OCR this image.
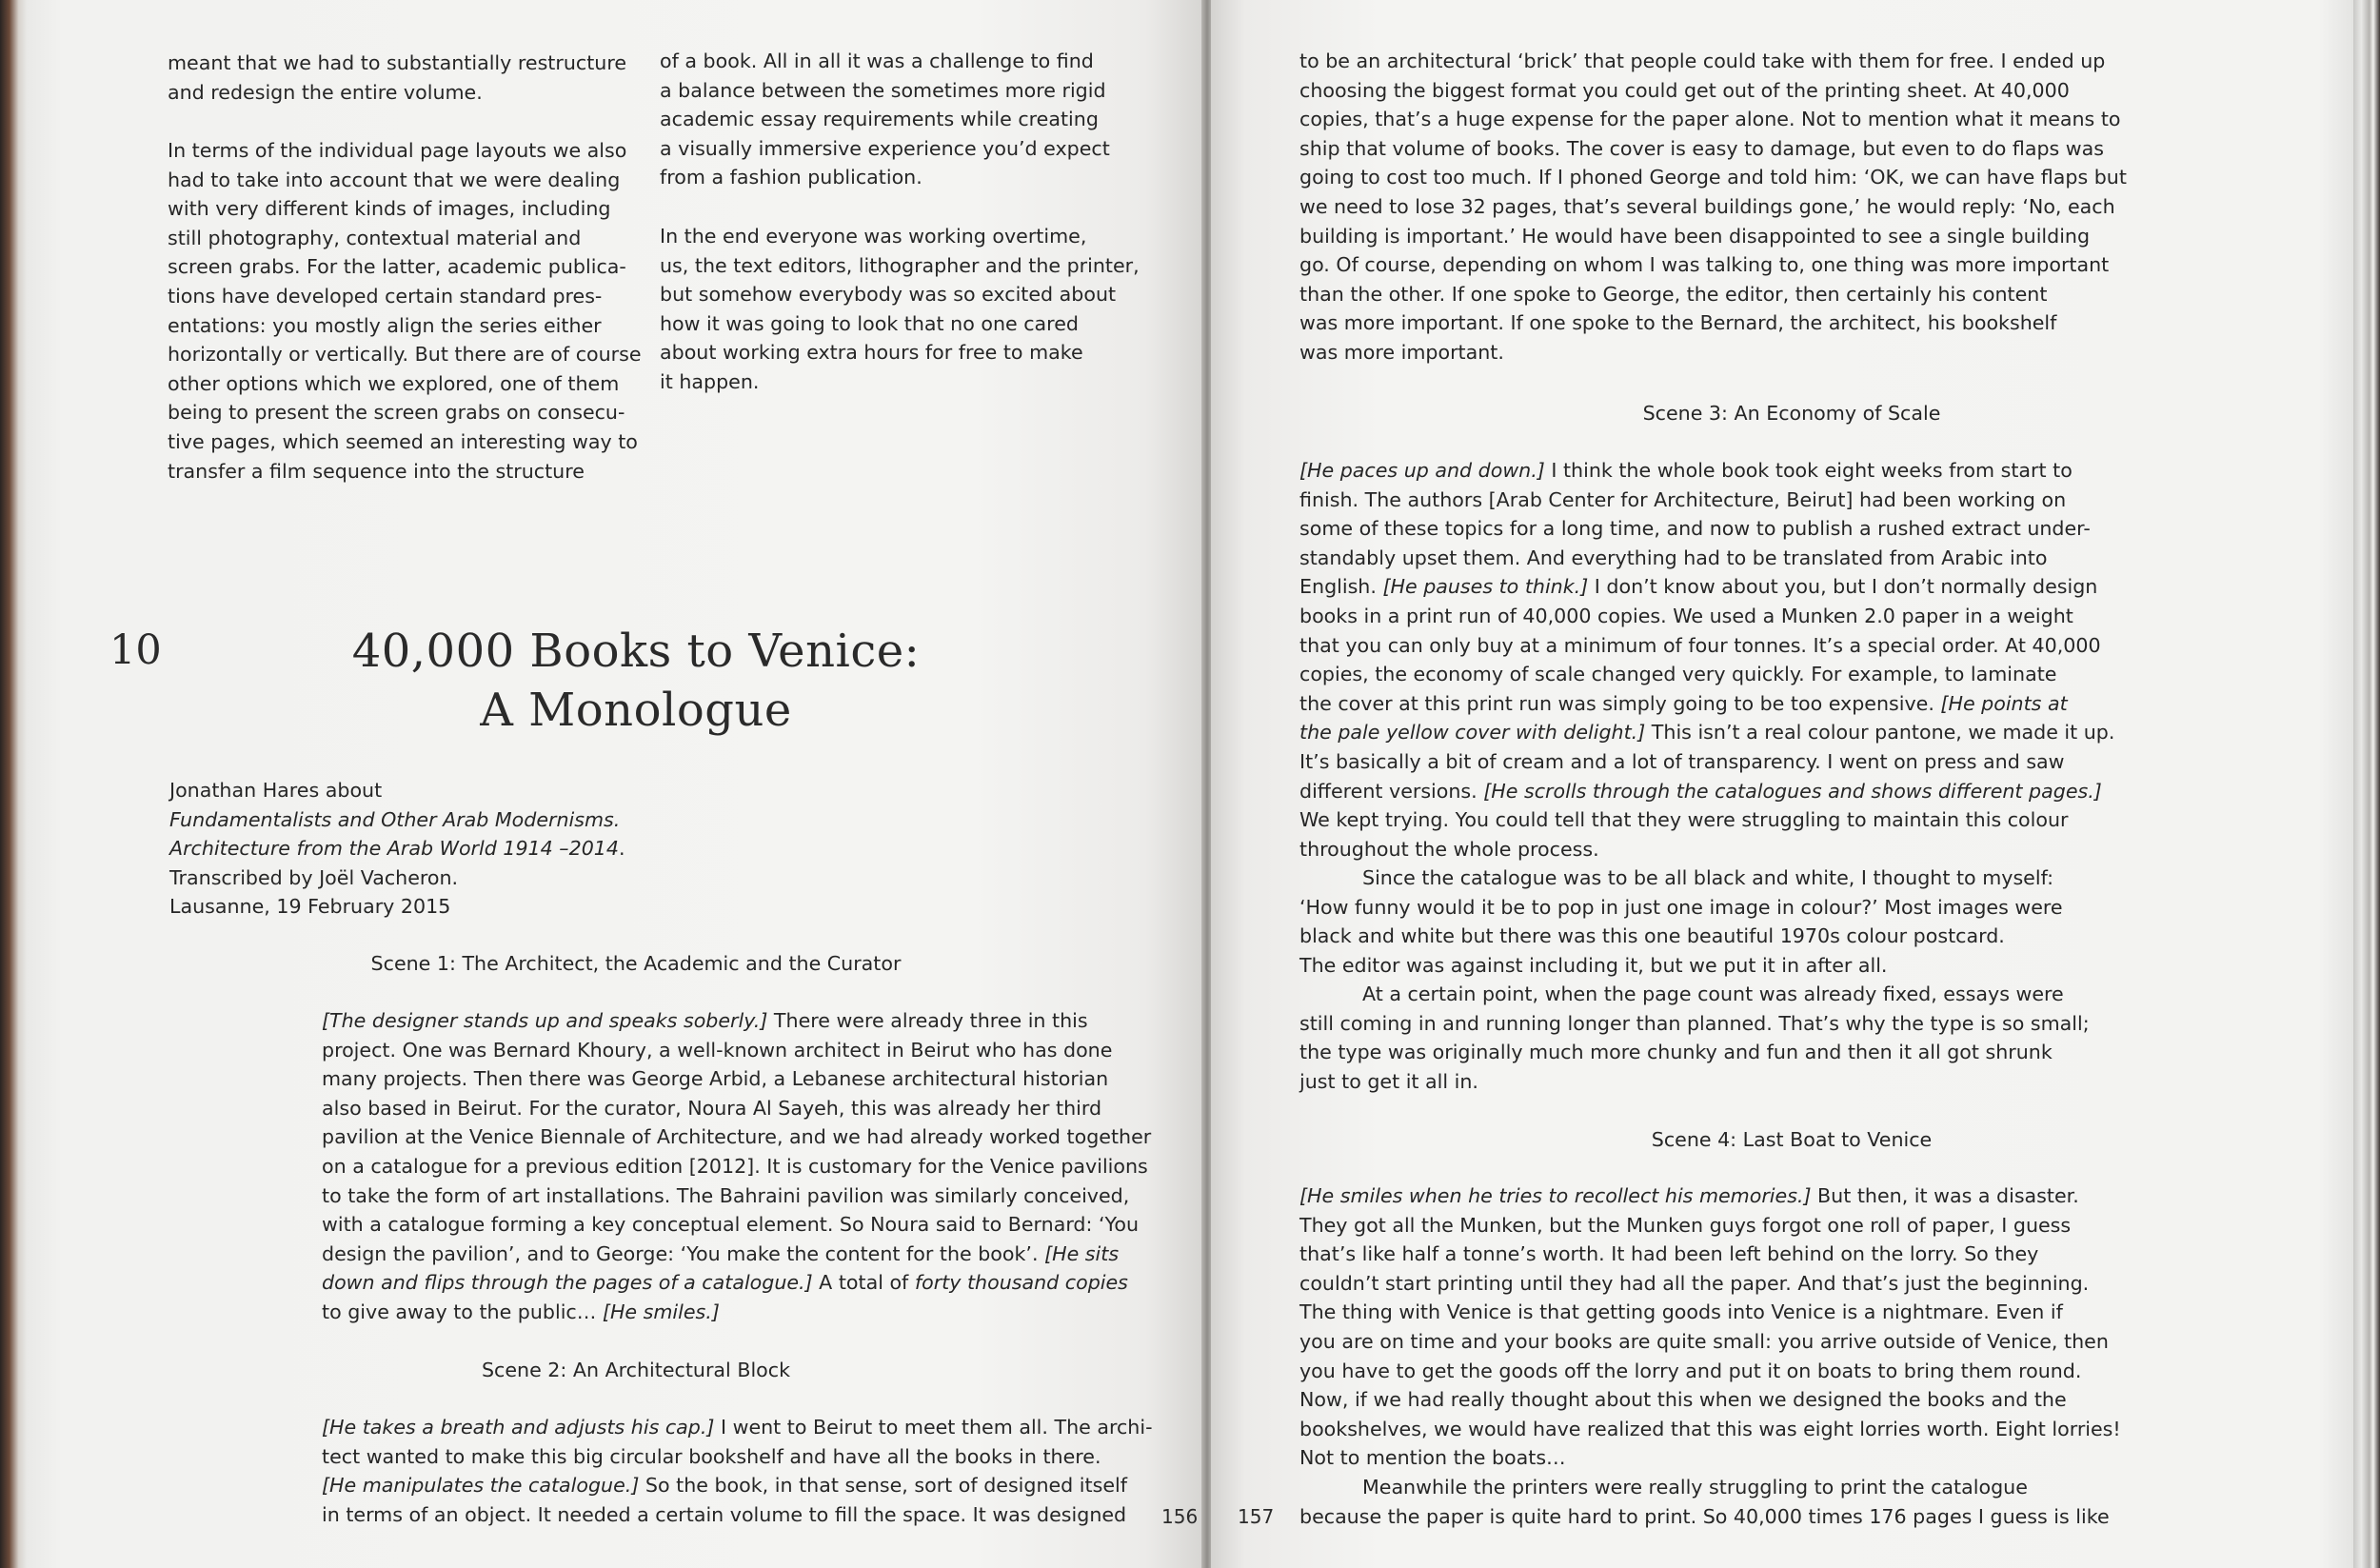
meant that we had to substantially restructure

and redesign the entire volume.

In terms of the individual page layouts we also

had to take into account that we were dealing

with very different kinds of images, including

still photography, contextual material and

screen grabs. For the latter, academic publica-

tions have developed certain standard pres-

entations: you mostly align the series either

horizontally or vertically. But there are of course

other options which we explored, one of them

being to present the screen grabs on consecu-

tive pages, which seemed an interesting way to

transfer a film sequence into the structure

of a book. All in all it was a challenge to find

a balance between the sometimes more rigid

academic essay requirements while creating

a visually immersive experience you’d expect

from a fashion publication.

In the end everyone was working overtime,

us, the text editors, lithographer and the printer,

but somehow everybody was so excited about

how it was going to look that no one cared

about working extra hours for free to make

it happen.

10	40,000 Books to Venice:
A Monologue

Jonathan Hares about

Fundamentalists and Other Arab Modernisms.

Architecture from the Arab World 1914 –2014.

Transcribed by Joël Vacheron.

Lausanne, 19 February 2015

Scene 1: The Architect, the Academic and the Curator

[The designer stands up and speaks soberly.] There were already three in this

project. One was Bernard Khoury, a well-known architect in Beirut who has done

many projects. Then there was George Arbid, a Lebanese architectural historian

also based in Beirut. For the curator, Noura Al Sayeh, this was already her third

pavilion at the Venice Biennale of Architecture, and we had already worked together

on a catalogue for a previous edition [2012]. It is customary for the Venice pavilions

to take the form of art installations. The Bahraini pavilion was similarly conceived,

with a catalogue forming a key conceptual element. So Noura said to Bernard: ‘You

design the pavilion’, and to George: ‘You make the content for the book’. [He sits

down and flips through the pages of a catalogue.] A total of forty thousand copies

to give away to the public… [He smiles.]

Scene 2: An Architectural Block

[He takes a breath and adjusts his cap.] I went to Beirut to meet them all. The archi-

tect wanted to make this big circular bookshelf and have all the books in there.

[He manipulates the catalogue.] So the book, in that sense, sort of designed itself

in terms of an object. It needed a certain volume to fill the space. It was designed	156 157

to be an architectural ‘brick’ that people could take with them for free. I ended up

choosing the biggest format you could get out of the printing sheet. At 40,000

copies, that’s a huge expense for the paper alone. Not to mention what it means to

ship that volume of books. The cover is easy to damage, but even to do flaps was

going to cost too much. If I phoned George and told him: ‘OK, we can have flaps but

we need to lose 32 pages, that’s several buildings gone,’ he would reply: ‘No, each

building is important.’ He would have been disappointed to see a single building

go. Of course, depending on whom I was talking to, one thing was more important

than the other. If one spoke to George, the editor, then certainly his content

was more important. If one spoke to the Bernard, the architect, his bookshelf

was more important.

Scene 3: An Economy of Scale

[He paces up and down.] I think the whole book took eight weeks from start to

finish. The authors [Arab Center for Architecture, Beirut] had been working on

some of these topics for a long time, and now to publish a rushed extract under-

standably upset them. And everything had to be translated from Arabic into

English. [He pauses to think.] I don’t know about you, but I don’t normally design

books in a print run of 40,000 copies. We used a Munken 2.0 paper in a weight

that you can only buy at a minimum of four tonnes. It’s a special order. At 40,000

copies, the economy of scale changed very quickly. For example, to laminate

the cover at this print run was simply going to be too expensive. [He points at

the pale yellow cover with delight.] This isn’t a real colour pantone, we made it up.

It’s basically a bit of cream and a lot of transparency. I went on press and saw

different versions. [He scrolls through the catalogues and shows different pages.]

We kept trying. You could tell that they were struggling to maintain this colour

throughout the whole process.

Since the catalogue was to be all black and white, I thought to myself:

‘How funny would it be to pop in just one image in colour?’ Most images were

black and white but there was this one beautiful 1970s colour postcard.

The editor was against including it, but we put it in after all.

At a certain point, when the page count was already fixed, essays were

still coming in and running longer than planned. That’s why the type is so small;

the type was originally much more chunky and fun and then it all got shrunk

just to get it all in.

Scene 4: Last Boat to Venice

[He smiles when he tries to recollect his memories.] But then, it was a disaster.

They got all the Munken, but the Munken guys forgot one roll of paper, I guess

that’s like half a tonne’s worth. It had been left behind on the lorry. So they

couldn’t start printing until they had all the paper. And that’s just the beginning.

The thing with Venice is that getting goods into Venice is a nightmare. Even if

you are on time and your books are quite small: you arrive outside of Venice, then

you have to get the goods off the lorry and put it on boats to bring them round.

Now, if we had really thought about this when we designed the books and the

bookshelves, we would have realized that this was eight lorries worth. Eight lorries!

Not to mention the boats…

Meanwhile the printers were really struggling to print the catalogue

because the paper is quite hard to print. So 40,000 times 176 pages I guess is like
